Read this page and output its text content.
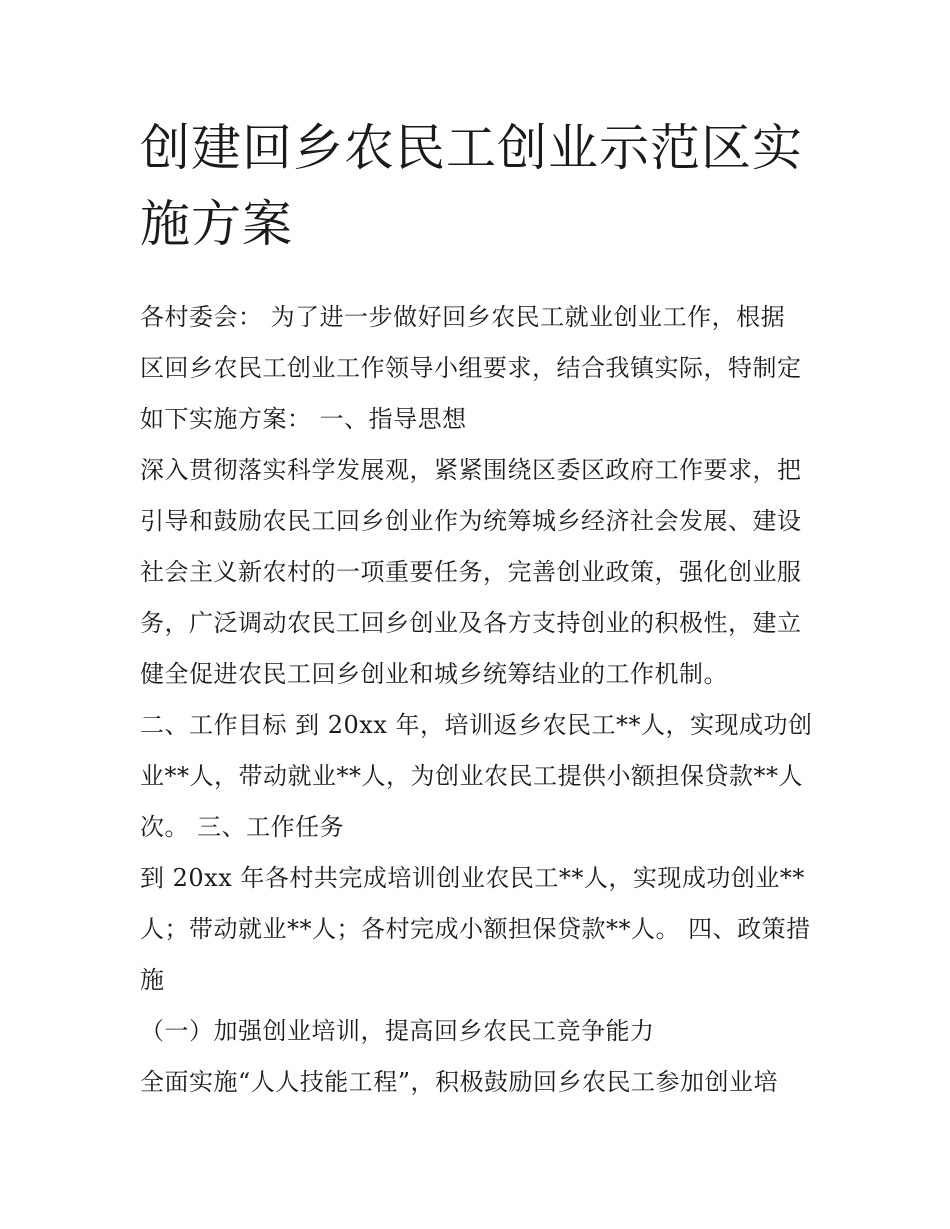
创建回乡农民工创业示范区实
施方案

各村委会： 为了进一步做好回乡农民工就业创业工作，根据

区回乡农民工创业工作领导小组要求，结合我镇实际，特制定

如下实施方案： 一、指导思想

深入贯彻落实科学发展观，紧紧围绕区委区政府工作要求，把

引导和鼓励农民工回乡创业作为统筹城乡经济社会发展、建设

社会主义新农村的一项重要任务，完善创业政策，强化创业服

务，广泛调动农民工回乡创业及各方支持创业的积极性，建立

健全促进农民工回乡创业和城乡统筹结业的工作机制。

二、工作目标 到 20xx 年，培训返乡农民工**人，实现成功创

业**人，带动就业**人，为创业农民工提供小额担保贷款**人

次。 三、工作任务

到 20xx 年各村共完成培训创业农民工**人，实现成功创业**

人；带动就业**人；各村完成小额担保贷款**人。 四、政策措

施

（一）加强创业培训，提高回乡农民工竞争能力

全面实施“人人技能工程”，积极鼓励回乡农民工参加创业培
